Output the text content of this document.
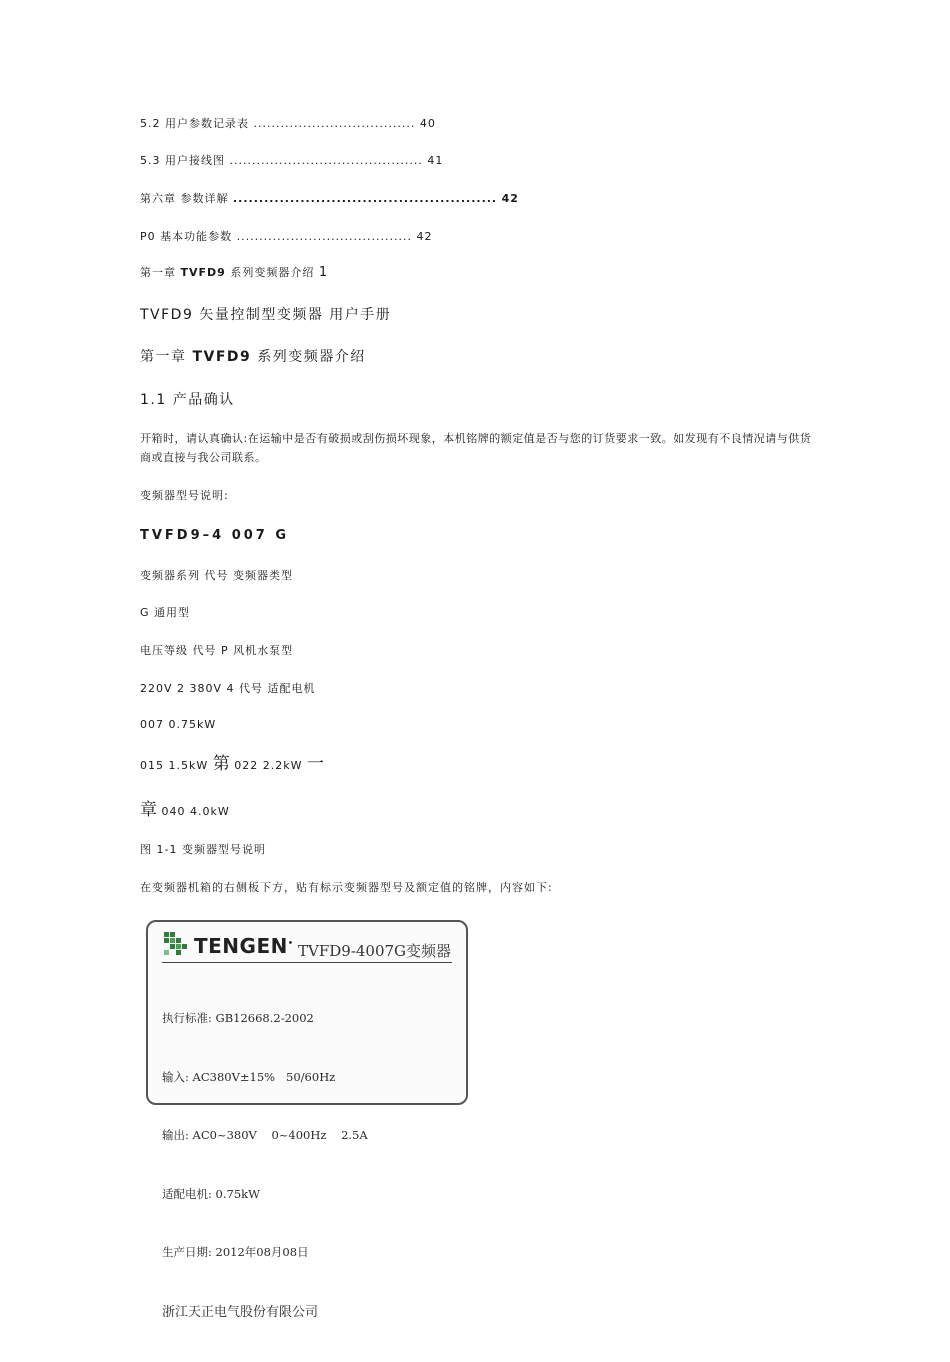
5.2 用户参数记录表 .................................... 40
5.3 用户接线图 ........................................... 41
第六章 参数详解 ................................................... 42
P0 基本功能参数 ....................................... 42
第一章 TVFD9 系列变频器介绍 1
TVFD9 矢量控制型变频器 用户手册
第一章 TVFD9 系列变频器介绍
1.1 产品确认
开箱时，请认真确认:在运输中是否有破损或刮伤损坏现象，本机铭牌的额定值是否与您的订货要求一致。如发现有不良情况请与供货商或直接与我公司联系。
变频器型号说明:
TVFD9–4 007 G
变频器系列 代号 变频器类型
G 通用型
电压等级 代号 P 风机水泵型
220V 2 380V 4 代号 适配电机
007 0.75kW
015 1.5kW 第 022 2.2kW 一
章 040 4.0kW
图 1-1 变频器型号说明
在变频器机箱的右侧板下方，贴有标示变频器型号及额定值的铭牌，内容如下:
TENGEN• TVFD9-4007G变频器

执行标准: GB12668.2-2002

输入: AC380V±15%   50/60Hz

输出: AC0~380V    0~400Hz    2.5A

适配电机: 0.75kW

生产日期: 2012年08月08日

浙江天正电气股份有限公司
